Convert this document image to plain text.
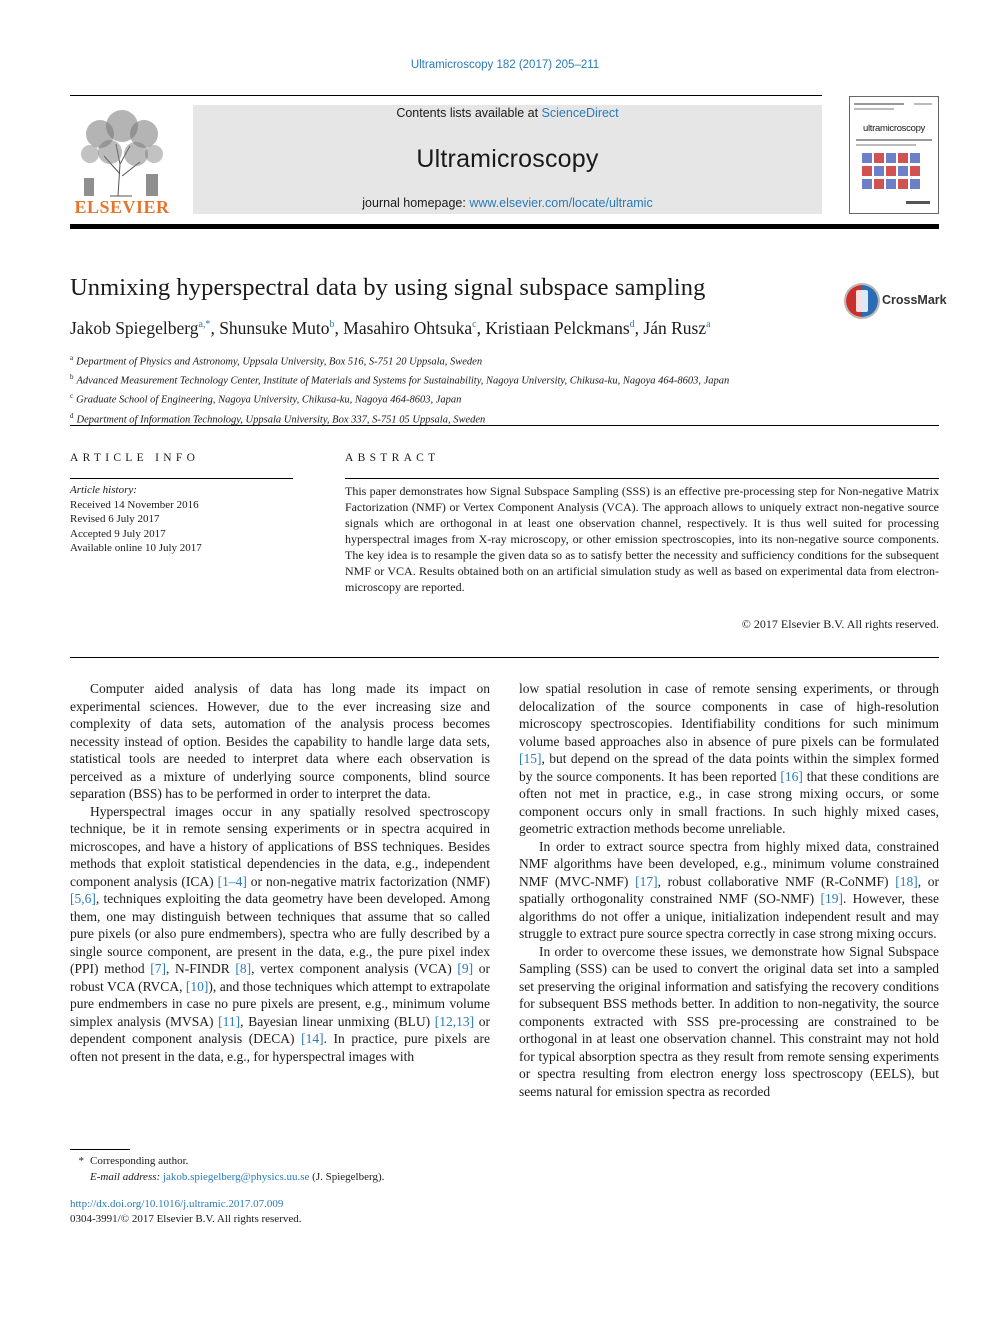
Ultramicroscopy 182 (2017) 205–211
ELSEVIER
Contents lists available at ScienceDirect
Ultramicroscopy
journal homepage: www.elsevier.com/locate/ultramic
ultramicroscopy
Unmixing hyperspectral data by using signal subspace sampling	CrossMark
Jakob Spiegelberg$^{a,*}$, Shunsuke Muto$^b$, Masahiro Ohtsuka$^c$, Kristiaan Pelckmans$^d$, Ján Rusz$^a$
$^a$ Department of Physics and Astronomy, Uppsala University, Box 516, S-751 20 Uppsala, Sweden
$^b$ Advanced Measurement Technology Center, Institute of Materials and Systems for Sustainability, Nagoya University, Chikusa-ku, Nagoya 464-8603, Japan
$^c$ Graduate School of Engineering, Nagoya University, Chikusa-ku, Nagoya 464-8603, Japan
$^d$ Department of Information Technology, Uppsala University, Box 337, S-751 05 Uppsala, Sweden
ARTICLE INFO
Article history:
Received 14 November 2016
Revised 6 July 2017
Accepted 9 July 2017
Available online 10 July 2017
ABSTRACT
This paper demonstrates how Signal Subspace Sampling (SSS) is an effective pre-processing step for Non-negative Matrix Factorization (NMF) or Vertex Component Analysis (VCA). The approach allows to uniquely extract non-negative source signals which are orthogonal in at least one observation channel, respectively. It is thus well suited for processing hyperspectral images from X-ray microscopy, or other emission spectroscopies, into its non-negative source components. The key idea is to resample the given data so as to satisfy better the necessity and sufficiency conditions for the subsequent NMF or VCA. Results obtained both on an artificial simulation study as well as based on experimental data from electron-microscopy are reported.
© 2017 Elsevier B.V. All rights reserved.

Computer aided analysis of data has long made its impact on experimental sciences. However, due to the ever increasing size and complexity of data sets, automation of the analysis process becomes necessity instead of option. Besides the capability to handle large data sets, statistical tools are needed to interpret data where each observation is perceived as a mixture of underlying source components, blind source separation (BSS) has to be performed in order to interpret the data.

Hyperspectral images occur in any spatially resolved spectroscopy technique, be it in remote sensing experiments or in spectra acquired in microscopes, and have a history of applications of BSS techniques. Besides methods that exploit statistical dependencies in the data, e.g., independent component analysis (ICA) [1–4] or non-negative matrix factorization (NMF) [5,6], techniques exploiting the data geometry have been developed. Among them, one may distinguish between techniques that assume that so called pure pixels (or also pure endmembers), spectra who are fully described by a single source component, are present in the data, e.g., the pure pixel index (PPI) method [7], N-FINDR [8], vertex component analysis (VCA) [9] or robust VCA (RVCA, [10]), and those techniques which attempt to extrapolate pure endmembers in case no pure pixels are present, e.g., minimum volume simplex analysis (MVSA) [11], Bayesian linear unmixing (BLU) [12,13] or dependent component analysis (DECA) [14]. In practice, pure pixels are often not present in the data, e.g., for hyperspectral images with

low spatial resolution in case of remote sensing experiments, or through delocalization of the source components in case of high-resolution microscopy spectroscopies. Identifiability conditions for such minimum volume based approaches also in absence of pure pixels can be formulated [15], but depend on the spread of the data points within the simplex formed by the source components. It has been reported [16] that these conditions are often not met in practice, e.g., in case strong mixing occurs, or some component occurs only in small fractions. In such highly mixed cases, geometric extraction methods become unreliable.

In order to extract source spectra from highly mixed data, constrained NMF algorithms have been developed, e.g., minimum volume constrained NMF (MVC-NMF) [17], robust collaborative NMF (R-CoNMF) [18], or spatially orthogonality constrained NMF (SO-NMF) [19]. However, these algorithms do not offer a unique, initialization independent result and may struggle to extract pure source spectra correctly in case strong mixing occurs.

In order to overcome these issues, we demonstrate how Signal Subspace Sampling (SSS) can be used to convert the original data set into a sampled set preserving the original information and satisfying the recovery conditions for subsequent BSS methods better. In addition to non-negativity, the source components extracted with SSS pre-processing are constrained to be orthogonal in at least one observation channel. This constraint may not hold for typical absorption spectra as they result from remote sensing experiments or spectra resulting from electron energy loss spectroscopy (EELS), but seems natural for emission spectra as recorded

* Corresponding author.
E-mail address: jakob.spiegelberg@physics.uu.se (J. Spiegelberg).
http://dx.doi.org/10.1016/j.ultramic.2017.07.009
0304-3991/© 2017 Elsevier B.V. All rights reserved.
